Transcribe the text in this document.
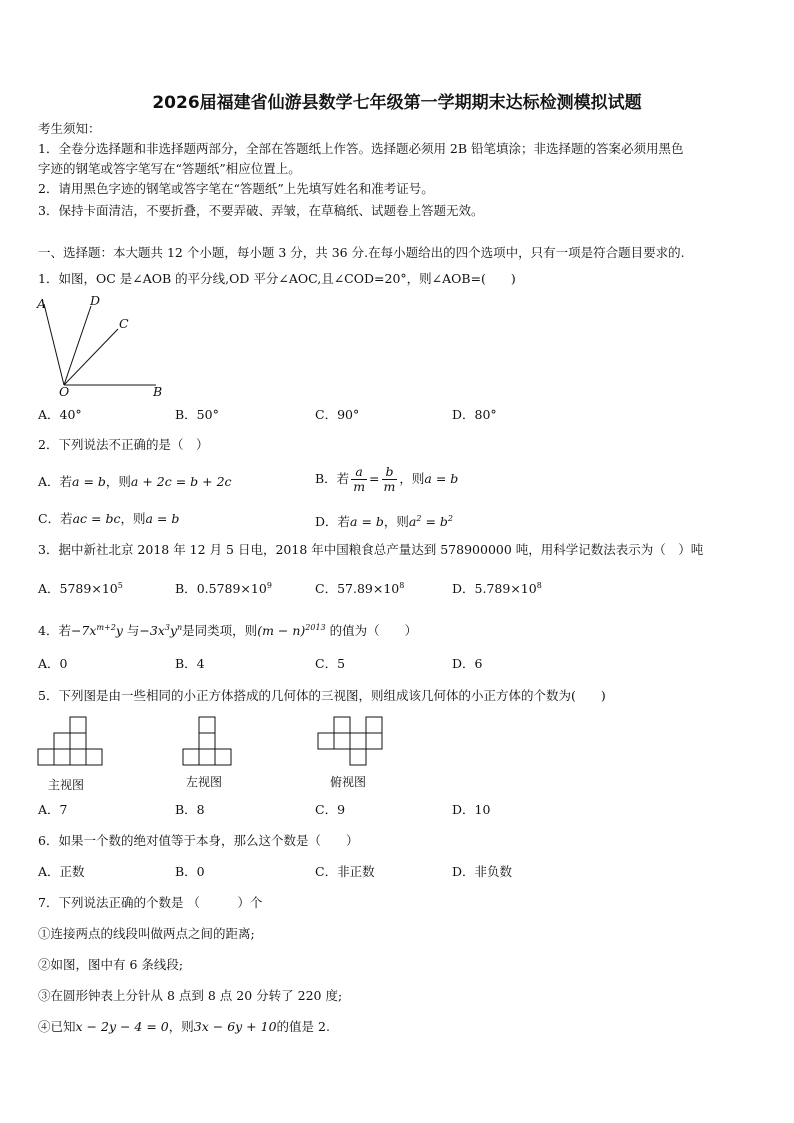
2026届福建省仙游县数学七年级第一学期期末达标检测模拟试题
考生须知：
1．全卷分选择题和非选择题两部分，全部在答题纸上作答。选择题必须用 2B 铅笔填涂；非选择题的答案必须用黑色
字迹的钢笔或答字笔写在“答题纸”相应位置上。
2．请用黑色字迹的钢笔或答字笔在“答题纸”上先填写姓名和准考证号。
3．保持卡面清洁，不要折叠，不要弄破、弄皱，在草稿纸、试题卷上答题无效。
一、选择题：本大题共 12 个小题，每小题 3 分，共 36 分.在每小题给出的四个选项中，只有一项是符合题目要求的.
1．如图，OC 是∠AOB 的平分线,OD 平分∠AOC,且∠COD=20°，则∠AOB=(　　)
A	D
C
O	B
A．40°	B．50°	C．90°	D．80°
2．下列说法不正确的是（　）
A．若a = b，则a + 2c = b + 2c	B．若 $\frac{a}{m} = \frac{b}{m}$ ，则a = b
C．若ac = bc，则a = b	D．若a = b，则$a^2 = b^2$
3．据中新社北京 2018 年 12 月 5 日电，2018 年中国粮食总产量达到 578900000 吨，用科学记数法表示为（　）吨
A．$5789\times 10^5$	B．$0.5789\times 10^9$	C．$57.89\times 10^8$	D．$5.789\times 10^8$
4．若$-7x^{m+2}y$ 与$-3x^3y^n$是同类项，则$(m - n)^{2013}$ 的值为（　　）
A．0	B．4	C．5	D．6
5．下列图是由一些相同的小正方体搭成的几何体的三视图，则组成该几何体的小正方体的个数为(　　)
主视图	左视图	俯视图
A．7	B．8	C．9	D．10
6．如果一个数的绝对值等于本身，那么这个数是（　　）
A．正数	B．0	C．非正数	D．非负数
7．下列说法正确的个数是 （　　　）个
①连接两点的线段叫做两点之间的距离;
②如图，图中有 6 条线段;
③在圆形钟表上分针从 8 点到 8 点 20 分转了 220 度;
④已知x − 2y − 4 = 0，则3x − 6y + 10的值是 2.
